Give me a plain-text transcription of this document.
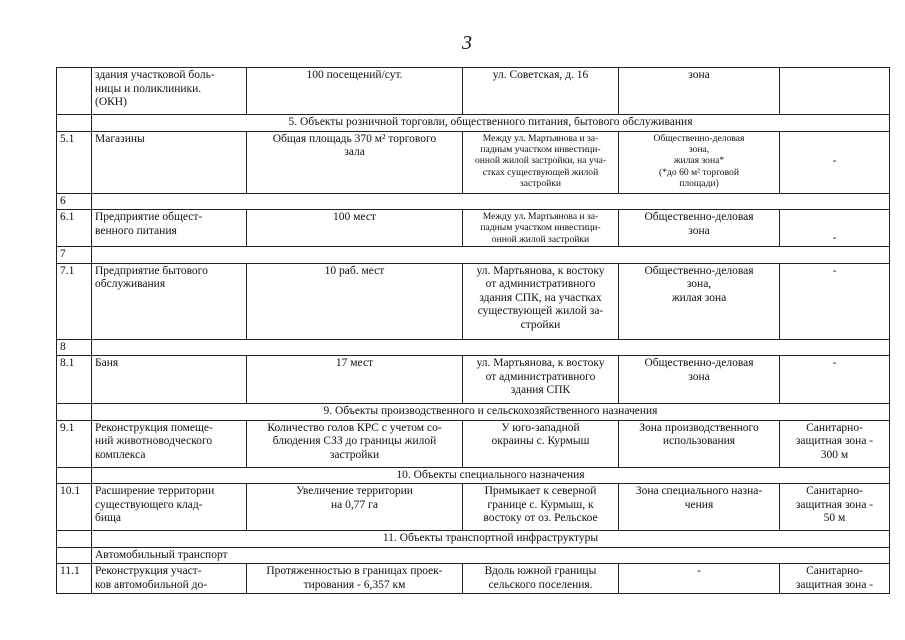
3
	здания участковой боль-
ницы и поликлиники.
(ОКН)	100 посещений/сут.	ул. Советская, д. 16	зона	
	5. Объекты розничной торговли, общественного питания, бытового обслуживания				
5.1	Магазины	Общая площадь 370 м² торгового
зала	Между ул. Мартьянова и за-
падным участком инвестици-
онной жилой застройки, на уча-
стках существующей жилой
застройки	Общественно-деловая
зона,
жилая зона*
(*до 60 м² торговой
площади)	-
6					
6.1	Предприятие общест-
венного питания	100 мест	Между ул. Мартьянова и за-
падным участком инвестици-
онной жилой застройки	Общественно-деловая
зона	-
7					
7.1	Предприятие бытового
обслуживания	10 раб. мест	ул. Мартьянова, к востоку
от административного
здания СПК, на участках
существующей жилой за-
стройки	Общественно-деловая
зона,
жилая зона	-
8					
8.1	Баня	17 мест	ул. Мартьянова, к востоку
от административного
здания СПК	Общественно-деловая
зона	-
	9. Объекты производственного и сельскохозяйственного назначения				
9.1	Реконструкция помеще-
ний животноводческого
комплекса	Количество голов КРС с учетом со-
блюдения СЗЗ до границы жилой
застройки	У юго-западной
окраины с. Курмыш	Зона производственного
использования	Санитарно-
защитная зона -
300 м
	10. Объекты специального назначения				
10.1	Расширение территории
существующего клад-
бища	Увеличение территории
на 0,77 га	Примыкает к северной
границе с. Курмыш, к
востоку от оз. Рельское	Зона специального назна-
чения	Санитарно-
защитная зона -
50 м
	11. Объекты транспортной инфраструктуры				
	Автомобильный транспорт				
11.1	Реконструкция участ-
ков автомобильной до-	Протяженностью в границах проек-
тирования - 6,357 км	Вдоль южной границы
сельского поселения.	-	Санитарно-
защитная зона -
